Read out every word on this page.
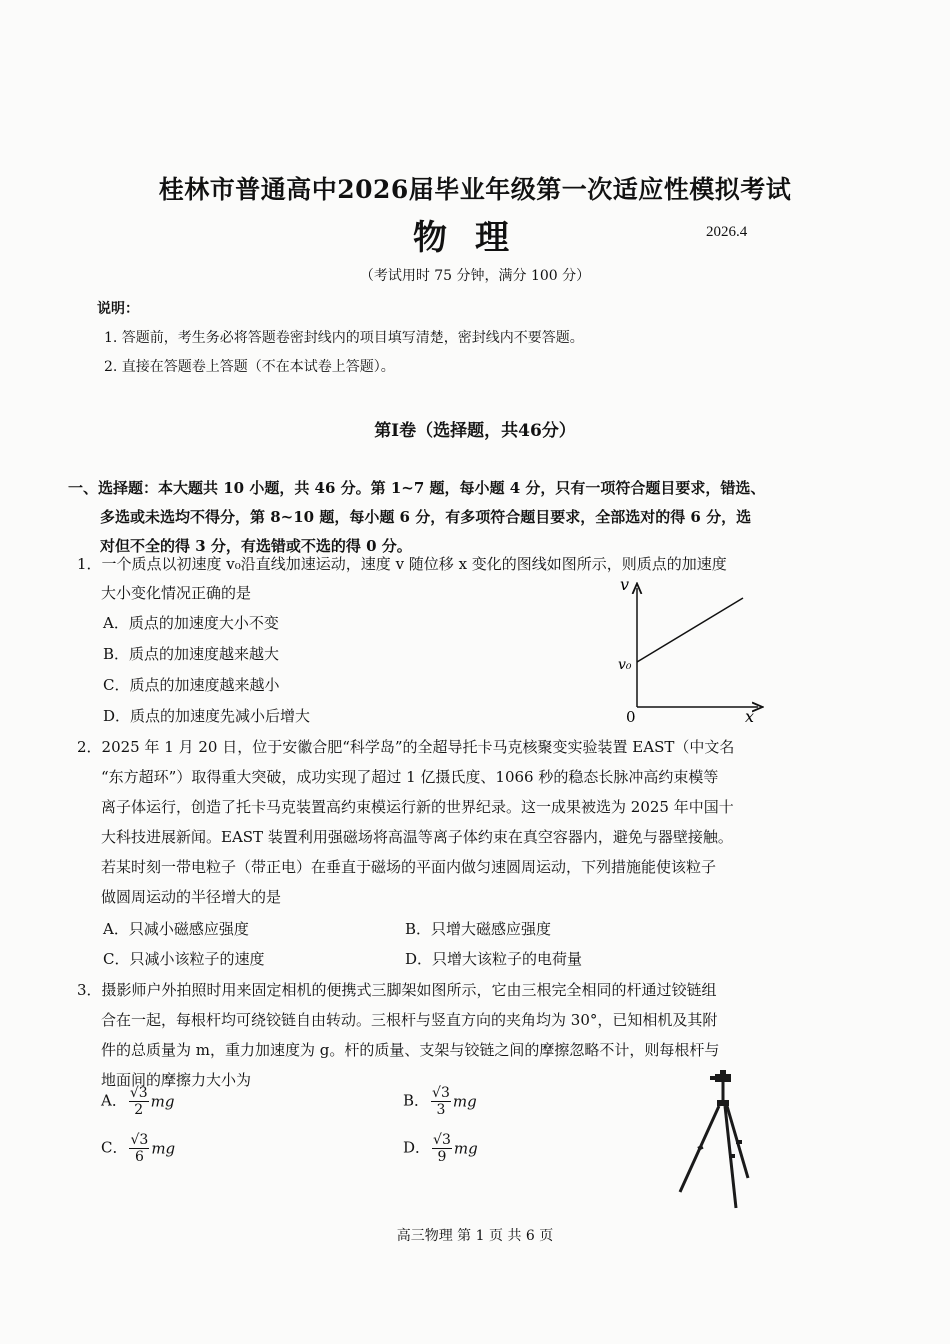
桂林市普通高中2026届毕业年级第一次适应性模拟考试
物理	2026.4
（考试用时 75 分钟，满分 100 分）
说明：
1. 答题前，考生务必将答题卷密封线内的项目填写清楚，密封线内不要答题。
2. 直接在答题卷上答题（不在本试卷上答题）。
第Ⅰ卷（选择题，共46分）
一、选择题：本大题共 10 小题，共 46 分。第 1~7 题，每小题 4 分，只有一项符合题目要求，错选、
多选或未选均不得分，第 8~10 题，每小题 6 分，有多项符合题目要求，全部选对的得 6 分，选
对但不全的得 3 分，有选错或不选的得 0 分。
1．一个质点以初速度 v₀沿直线加速运动，速度 v 随位移 x 变化的图线如图所示，则质点的加速度
大小变化情况正确的是
A．质点的加速度大小不变
B．质点的加速度越来越大
C．质点的加速度越来越小
D．质点的加速度先减小后增大
v
x
0
v₀
2．2025 年 1 月 20 日，位于安徽合肥“科学岛”的全超导托卡马克核聚变实验装置 EAST（中文名
“东方超环”）取得重大突破，成功实现了超过 1 亿摄氏度、1066 秒的稳态长脉冲高约束模等
离子体运行，创造了托卡马克装置高约束模运行新的世界纪录。这一成果被选为 2025 年中国十
大科技进展新闻。EAST 装置利用强磁场将高温等离子体约束在真空容器内，避免与器壁接触。
若某时刻一带电粒子（带正电）在垂直于磁场的平面内做匀速圆周运动，下列措施能使该粒子
做圆周运动的半径增大的是
A．只减小磁感应强度	B．只增大磁感应强度
C．只减小该粒子的速度	D．只增大该粒子的电荷量
3．摄影师户外拍照时用来固定相机的便携式三脚架如图所示，它由三根完全相同的杆通过铰链组
合在一起，每根杆均可绕铰链自由转动。三根杆与竖直方向的夹角均为 30°，已知相机及其附
件的总质量为 m，重力加速度为 g。杆的质量、支架与铰链之间的摩擦忽略不计，则每根杆与
地面间的摩擦力大小为
A． $\frac{√3}{2}$ mg	B． $\frac{√3}{3}$ mg
C． $\frac{√3}{6}$ mg	D． $\frac{√3}{9}$ mg
高三物理 第 1 页 共 6 页
